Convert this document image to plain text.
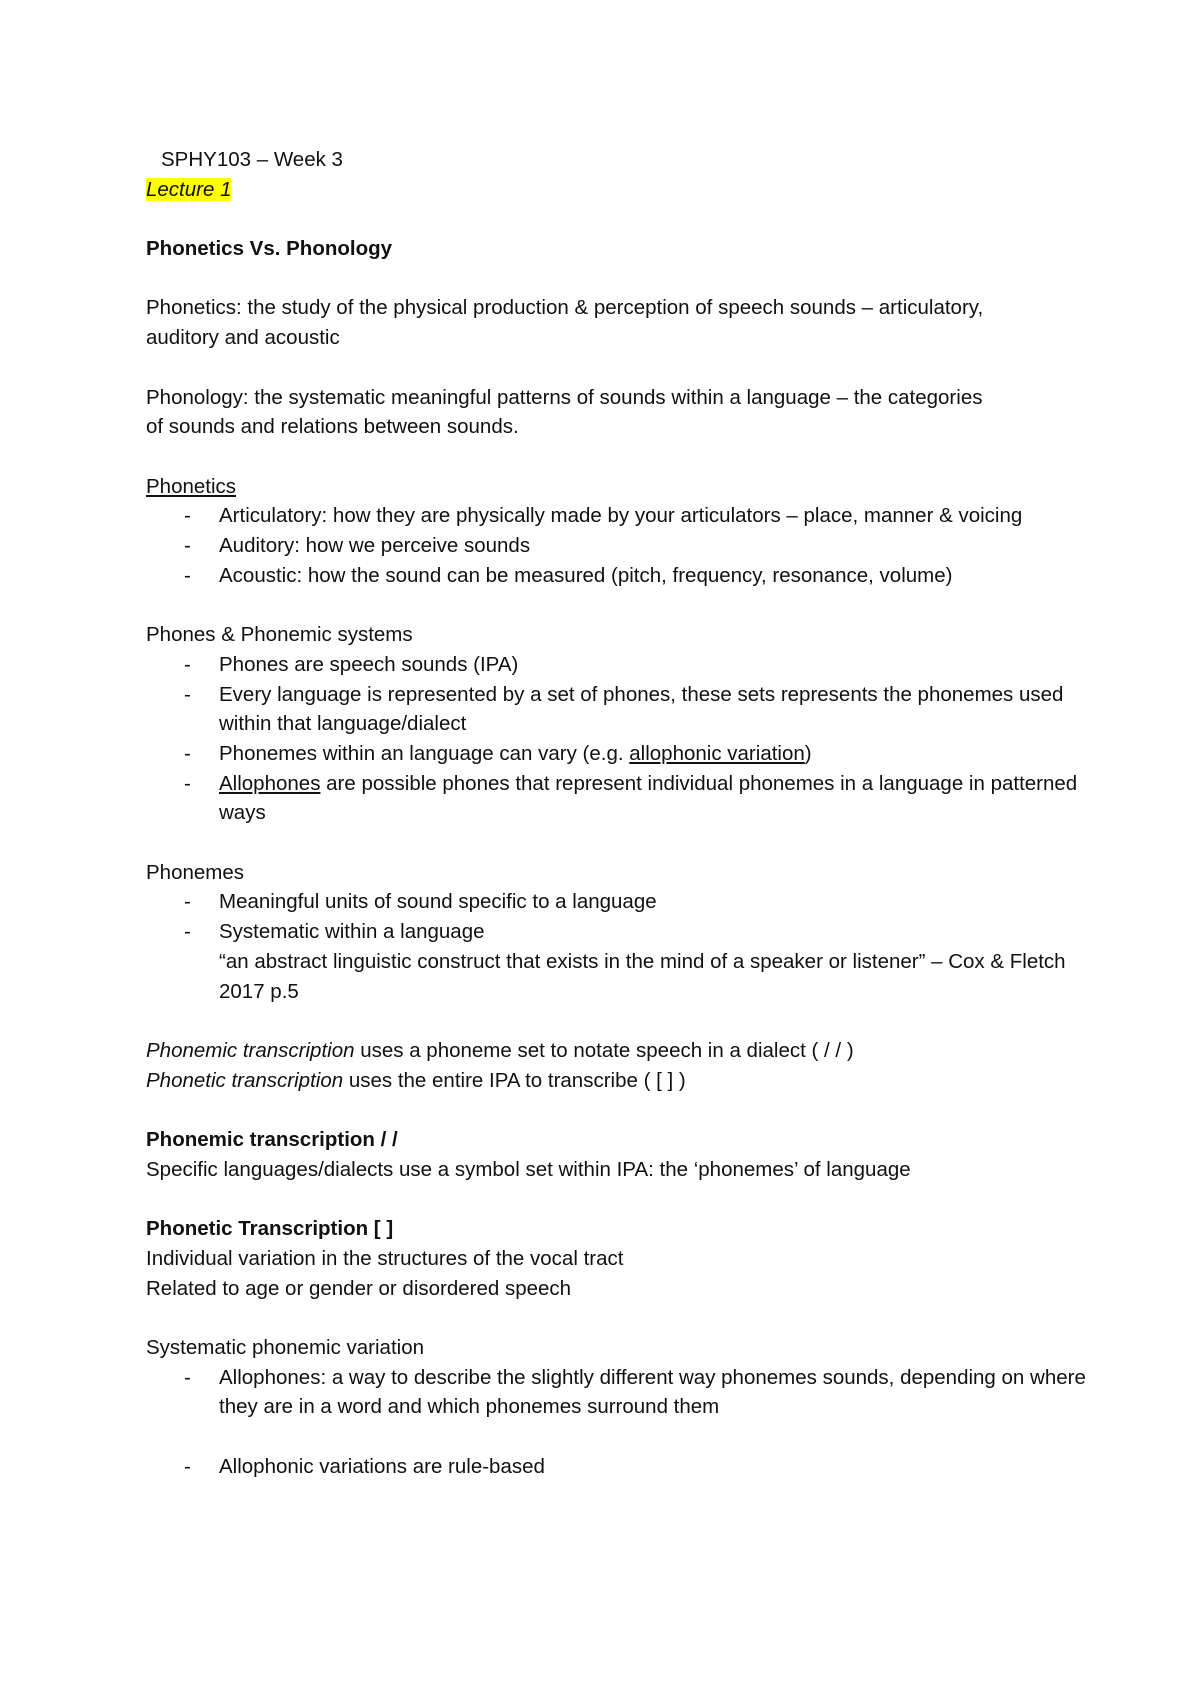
SPHY103 – Week 3
Lecture 1
Phonetics Vs. Phonology
Phonetics: the study of the physical production & perception of speech sounds – articulatory,
auditory and acoustic
Phonology: the systematic meaningful patterns of sounds within a language – the categories
of sounds and relations between sounds.
Phonetics
- Articulatory: how they are physically made by your articulators – place, manner & voicing
- Auditory: how we perceive sounds
- Acoustic: how the sound can be measured (pitch, frequency, resonance, volume)
Phones & Phonemic systems
- Phones are speech sounds (IPA)
- Every language is represented by a set of phones, these sets represents the phonemes used within that language/dialect
- Phonemes within an language can vary (e.g. allophonic variation)
- Allophones are possible phones that represent individual phonemes in a language in patterned ways
Phonemes
- Meaningful units of sound specific to a language
- Systematic within a language
“an abstract linguistic construct that exists in the mind of a speaker or listener” – Cox & Fletch 2017 p.5
Phonemic transcription uses a phoneme set to notate speech in a dialect ( / / )
Phonetic transcription uses the entire IPA to transcribe ( [ ] )
Phonemic transcription / /
Specific languages/dialects use a symbol set within IPA: the ‘phonemes’ of language
Phonetic Transcription [ ]
Individual variation in the structures of the vocal tract
Related to age or gender or disordered speech
Systematic phonemic variation
- Allophones: a way to describe the slightly different way phonemes sounds, depending on where they are in a word and which phonemes surround them
- Allophonic variations are rule-based
